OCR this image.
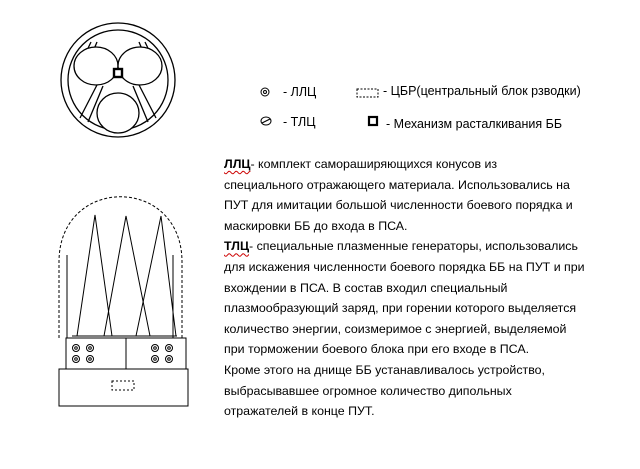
- ЛЛЦ	- ЦБР(центральный блок рзводки)
- ТЛЦ	- Механизм расталкивания ББ
ЛЛЦ- комплект самораширяющихся конусов из
специального отражающего материала. Использовались на
ПУТ для имитации большой численности боевого порядка и
маскировки ББ до входа в ПСА.
ТЛЦ- специальные плазменные генераторы, использовались
для искажения численности боевого порядка ББ на ПУТ и при
вхождении в ПСА. В состав входил специальный
плазмообразующий заряд, при горении которого выделяется
количество энергии, соизмеримое с энергией, выделяемой
при торможении боевого блока при его входе в ПСА.
Кроме этого на днище ББ устанавливалось устройство,
выбрасывавшее огромное количество дипольных
отражателей в конце ПУТ.
